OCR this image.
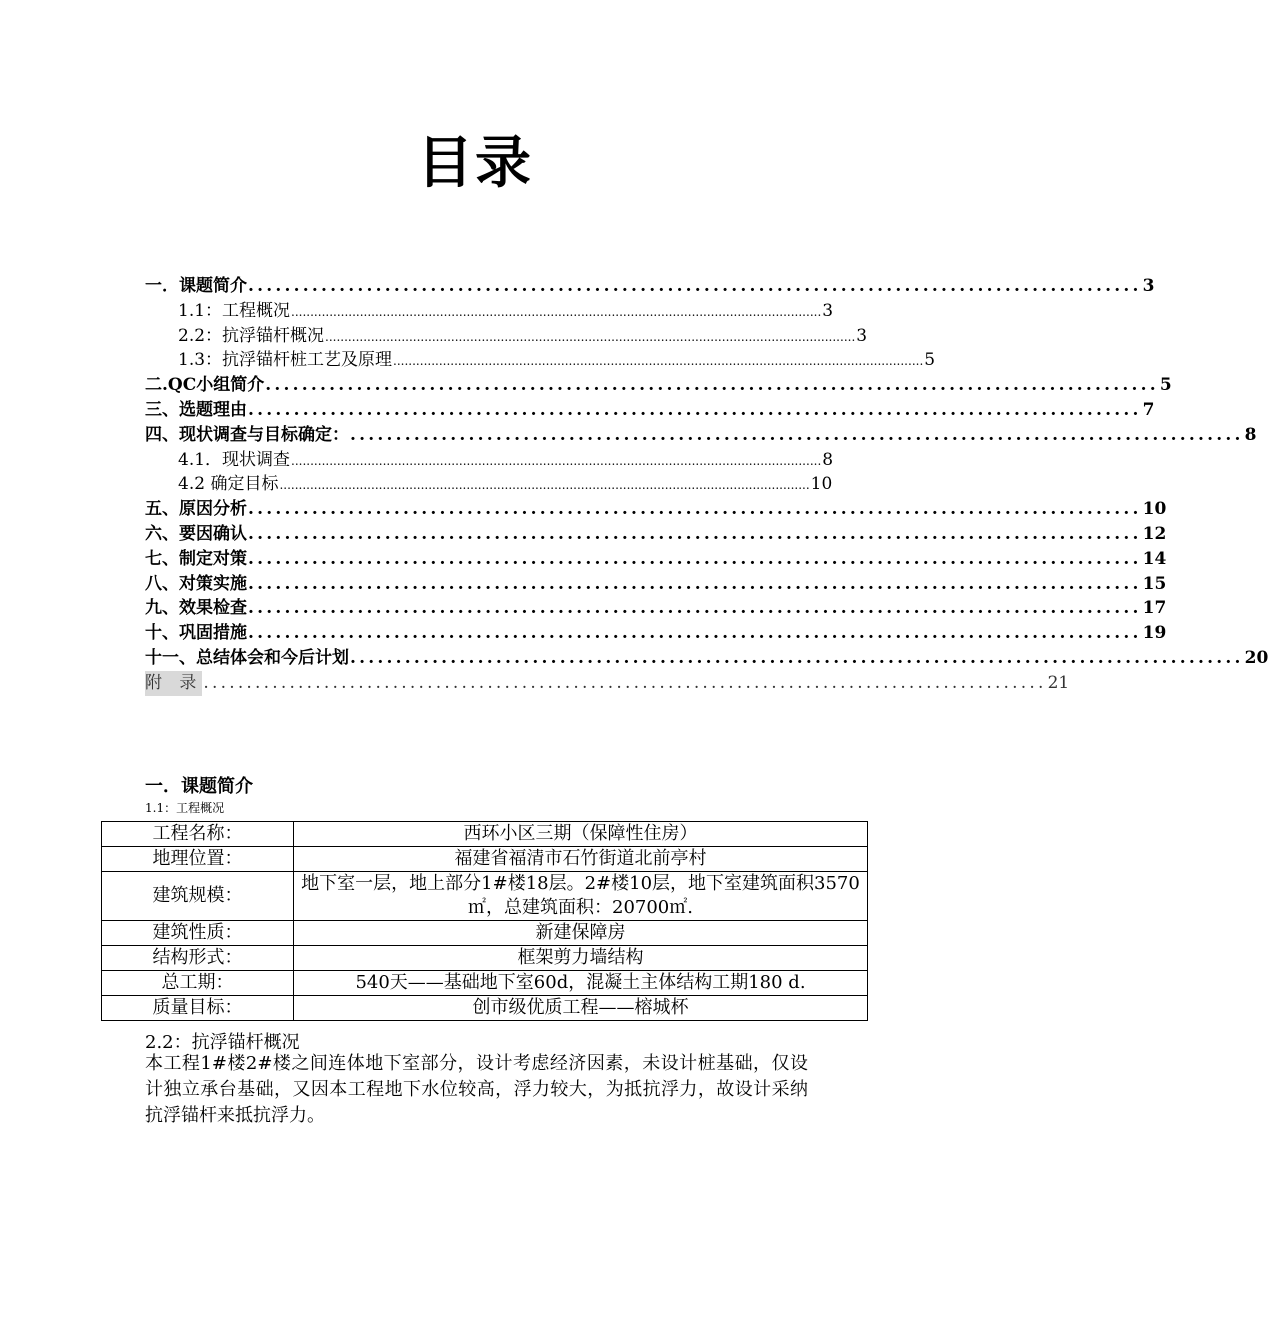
目录
一．课题简介 .................................................................................................. 3
1.1：工程概况 ........................................................................................................................................... 3
2.2：抗浮锚杆概况 ........................................................................................................................................... 3
1.3：抗浮锚杆桩工艺及原理 ........................................................................................................................................... 5
二.QC小组简介 .................................................................................................. 5
三、选题理由 .................................................................................................. 7
四、现状调查与目标确定： .................................................................................................. 8
4.1．现状调查 ........................................................................................................................................... 8
4.2 确定目标 ........................................................................................................................................... 10
五、原因分析 .................................................................................................. 10
六、要因确认 .................................................................................................. 12
七、制定对策 .................................................................................................. 14
八、对策实施 .................................................................................................. 15
九、效果检查 .................................................................................................. 17
十、巩固措施 .................................................................................................. 19
十一、总结体会和今后计划 .................................................................................................. 20
附 录 .................................................................................................. 21
一．课题简介
1.1：工程概况
工程名称：	西环小区三期（保障性住房）
地理位置：	福建省福清市石竹街道北前亭村
建筑规模：	地下室一层，地上部分1#楼18层。2#楼10层，地下室建筑面积3570㎡，总建筑面积：20700㎡.
建筑性质：	新建保障房
结构形式：	框架剪力墙结构
总工期：	540天——基础地下室60d，混凝土主体结构工期180 d.
质量目标：	创市级优质工程——榕城杯
2.2：抗浮锚杆概况
本工程1#楼2#楼之间连体地下室部分，设计考虑经济因素，未设计桩基础，仅设计独立承台基础，又因本工程地下水位较高，浮力较大，为抵抗浮力，故设计采纳抗浮锚杆来抵抗浮力。
